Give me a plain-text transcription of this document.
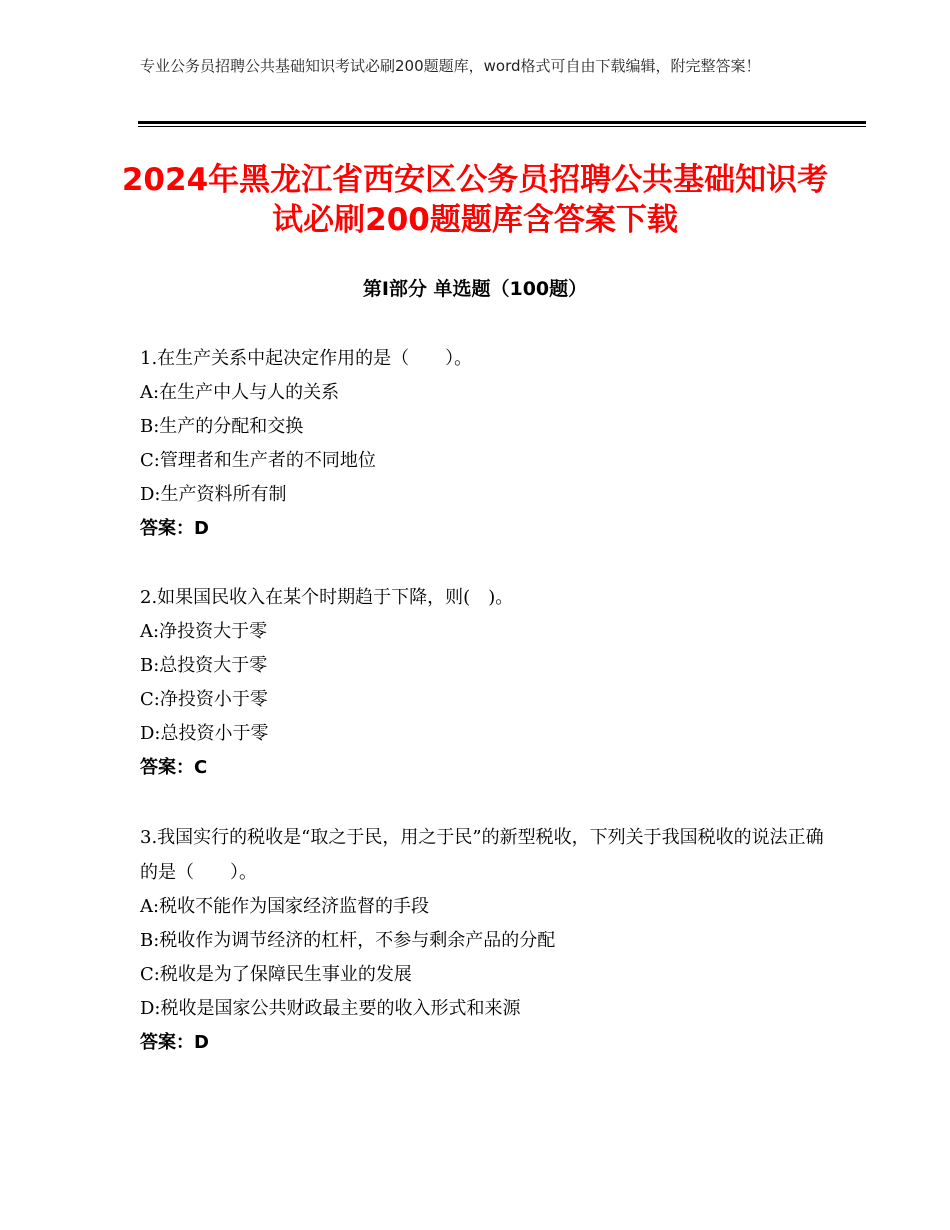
专业公务员招聘公共基础知识考试必刷200题题库，word格式可自由下载编辑，附完整答案！
2024年黑龙江省西安区公务员招聘公共基础知识考试必刷200题题库含答案下载
第I部分 单选题（100题）
1.在生产关系中起决定作用的是（　　）。
A:在生产中人与人的关系
B:生产的分配和交换
C:管理者和生产者的不同地位
D:生产资料所有制
答案：D
2.如果国民收入在某个时期趋于下降，则(　)。
A:净投资大于零
B:总投资大于零
C:净投资小于零
D:总投资小于零
答案：C
3.我国实行的税收是“取之于民，用之于民”的新型税收，下列关于我国税收的说法正确的是（　　）。
A:税收不能作为国家经济监督的手段
B:税收作为调节经济的杠杆，不参与剩余产品的分配
C:税收是为了保障民生事业的发展
D:税收是国家公共财政最主要的收入形式和来源
答案：D
